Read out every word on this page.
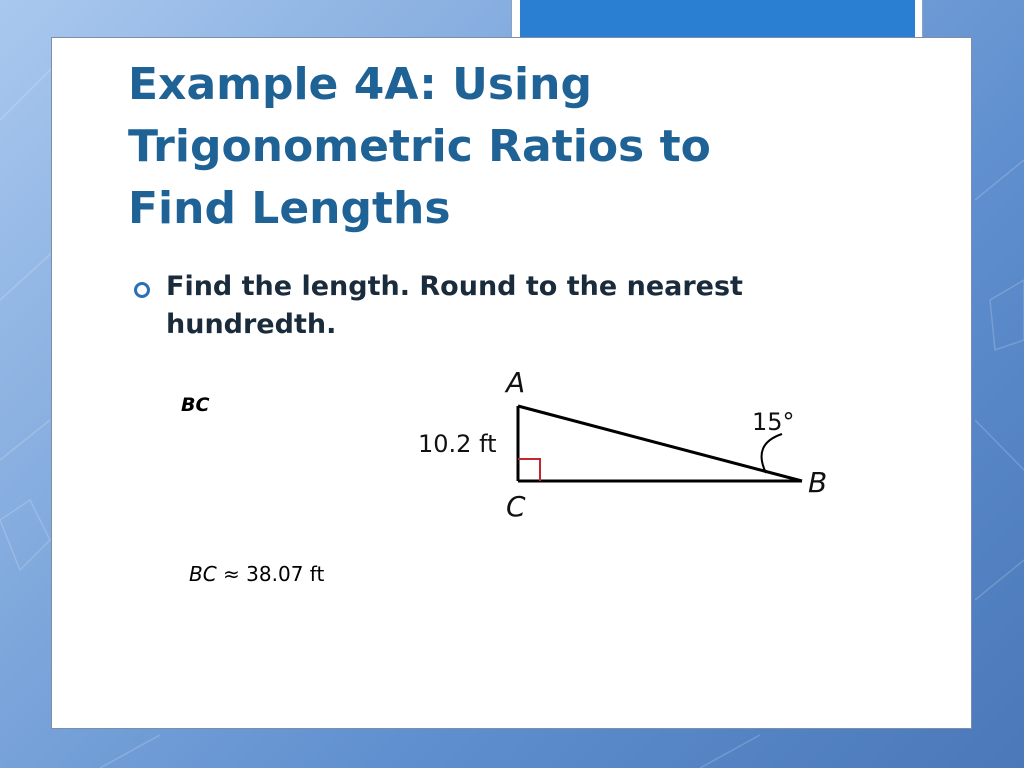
Example 4A: Using Trigonometric Ratios to Find Lengths
Find the length. Round to the nearest hundredth.
BC
BC ≈ 38.07 ft
A
B
C
10.2 ft
15°
